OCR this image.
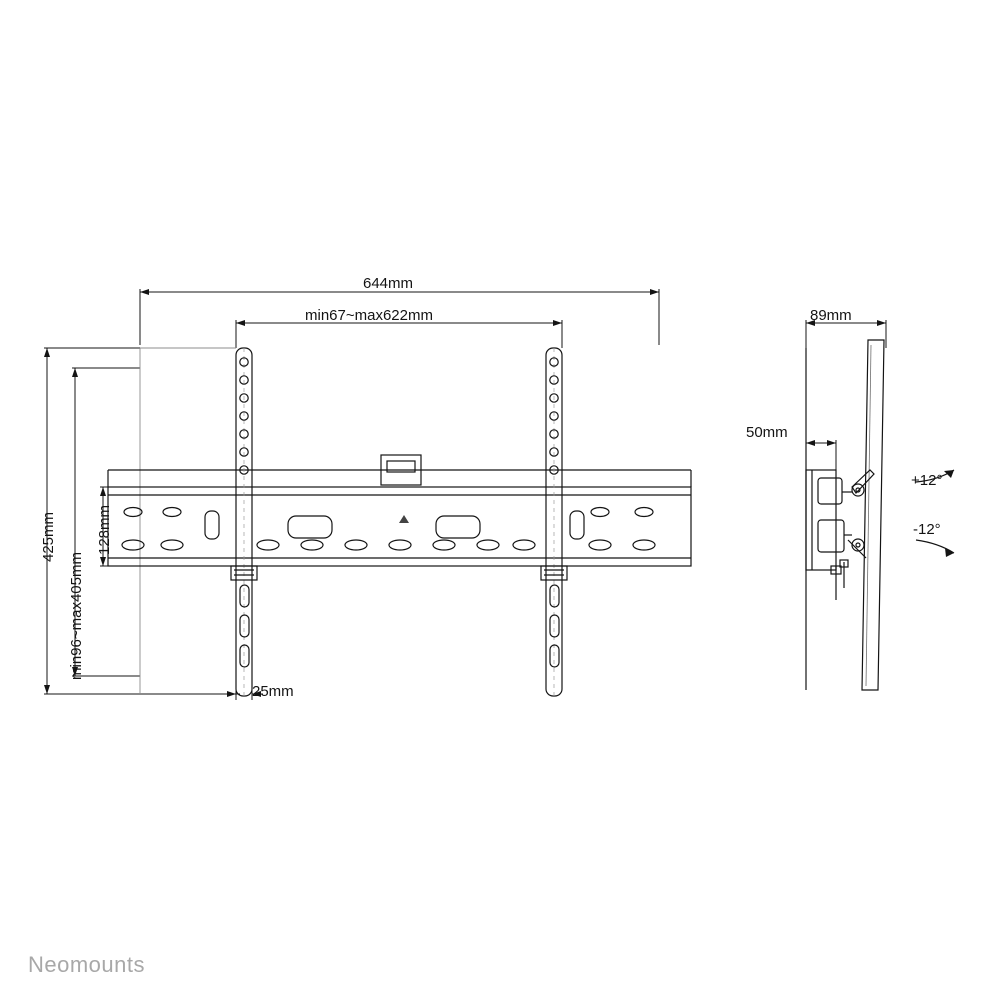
644mm
min67~max622mm
425mm
min96~max405mm
128mm
25mm
89mm
50mm
+12°
-12°
Neomounts
